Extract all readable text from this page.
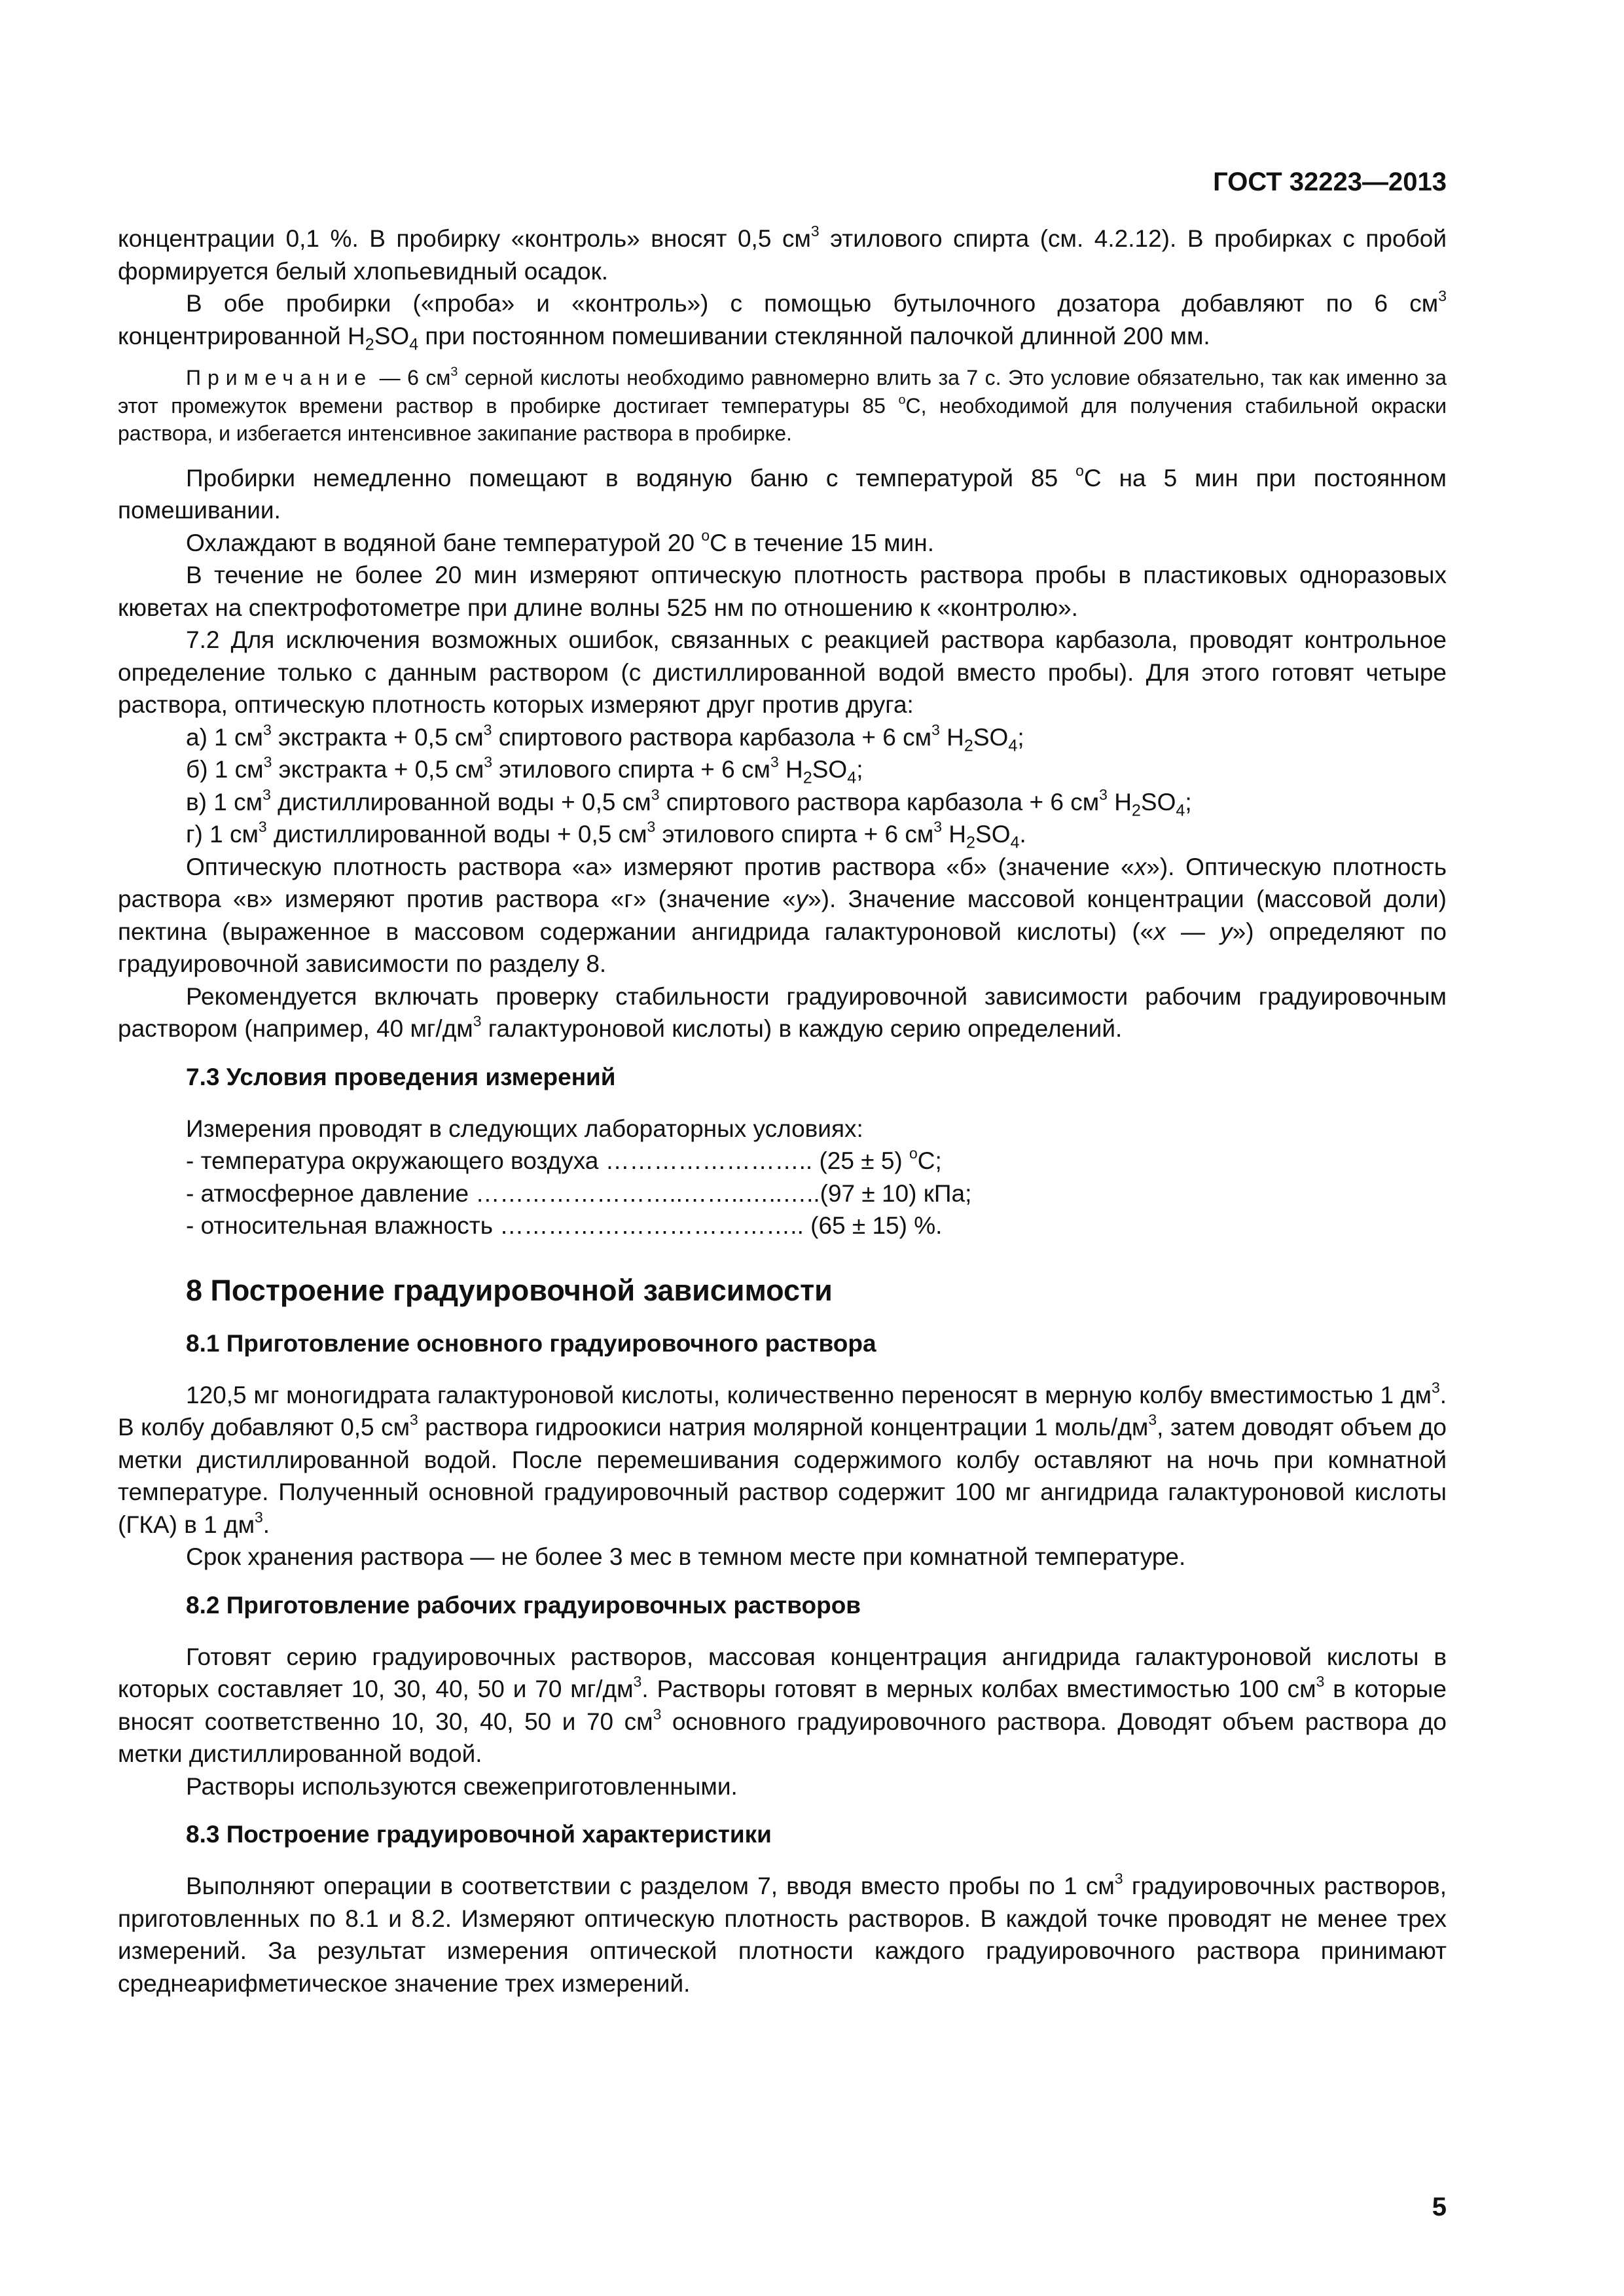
ГОСТ 32223—2013

концентрации 0,1 %. В пробирку «контроль» вносят 0,5 $см^3$ этилового спирта (см. 4.2.12). В пробирках с пробой формируется белый хлопьевидный осадок.

В обе пробирки («проба» и «контроль») с помощью бутылочного дозатора добавляют по 6 $см^3$ концентрированной $H_2SO_4$ при постоянном помешивании стеклянной палочкой длинной 200 мм.

Примечание — 6 $см^3$ серной кислоты необходимо равномерно влить за 7 с. Это условие обязательно, так как именно за этот промежуток времени раствор в пробирке достигает температуры 85 $^o$C, необходимой для получения стабильной окраски раствора, и избегается интенсивное закипание раствора в пробирке.

Пробирки немедленно помещают в водяную баню с температурой 85 $^o$C на 5 мин при постоянном помешивании.

Охлаждают в водяной бане температурой 20 $^o$C в течение 15 мин.

В течение не более 20 мин измеряют оптическую плотность раствора пробы в пластиковых одноразовых кюветах на спектрофотометре при длине волны 525 нм по отношению к «контролю».

7.2 Для исключения возможных ошибок, связанных с реакцией раствора карбазола, проводят контрольное определение только с данным раствором (с дистиллированной водой вместо пробы). Для этого готовят четыре раствора, оптическую плотность которых измеряют друг против друга:

а) 1 $см^3$ экстракта + 0,5 $см^3$ спиртового раствора карбазола + 6 $см^3$ $H_2SO_4$;

б) 1 $см^3$ экстракта + 0,5 $см^3$ этилового спирта + 6 $см^3$ $H_2SO_4$;

в) 1 $см^3$ дистиллированной воды + 0,5 $см^3$ спиртового раствора карбазола + 6 $см^3$ $H_2SO_4$;

г) 1 $см^3$ дистиллированной воды + 0,5 $см^3$ этилового спирта + 6 $см^3$ $H_2SO_4$.

Оптическую плотность раствора «а» измеряют против раствора «б» (значение «x»). Оптическую плотность раствора «в» измеряют против раствора «г» (значение «y»). Значение массовой концентрации (массовой доли) пектина (выраженное в массовом содержании ангидрида галактуроновой кислоты) («x — y») определяют по градуировочной зависимости по разделу 8.

Рекомендуется включать проверку стабильности градуировочной зависимости рабочим градуировочным раствором (например, 40 $мг/дм^3$ галактуроновой кислоты) в каждую серию определений.

7.3 Условия проведения измерений

Измерения проводят в следующих лабораторных условиях:

- температура окружающего воздуха …………………….. (25 ± 5) $^o$C;

- атмосферное давление ……………………..……..…..…..(97 ± 10) кПа;

- относительная влажность ……………………………….. (65 ± 15) %.

8 Построение градуировочной зависимости
8.1 Приготовление основного градуировочного раствора

120,5 мг моногидрата галактуроновой кислоты, количественно переносят в мерную колбу вместимостью 1 $дм^3$. В колбу добавляют 0,5 $см^3$ раствора гидроокиси натрия молярной концентрации 1 моль/$дм^3$, затем доводят объем до метки дистиллированной водой. После перемешивания содержимого колбу оставляют на ночь при комнатной температуре. Полученный основной градуировочный раствор содержит 100 мг ангидрида галактуроновой кислоты (ГКА) в 1 $дм^3$.

Срок хранения раствора — не более 3 мес в темном месте при комнатной температуре.

8.2 Приготовление рабочих градуировочных растворов

Готовят серию градуировочных растворов, массовая концентрация ангидрида галактуроновой кислоты в которых составляет 10, 30, 40, 50 и 70 $мг/дм^3$. Растворы готовят в мерных колбах вместимостью 100 $см^3$ в которые вносят соответственно 10, 30, 40, 50 и 70 $см^3$ основного градуировочного раствора. Доводят объем раствора до метки дистиллированной водой.

Растворы используются свежеприготовленными.

8.3 Построение градуировочной характеристики

Выполняют операции в соответствии с разделом 7, вводя вместо пробы по 1 $см^3$ градуировочных растворов, приготовленных по 8.1 и 8.2. Измеряют оптическую плотность растворов. В каждой точке проводят не менее трех измерений. За результат измерения оптической плотности каждого градуировочного раствора принимают среднеарифметическое значение трех измерений.

5
